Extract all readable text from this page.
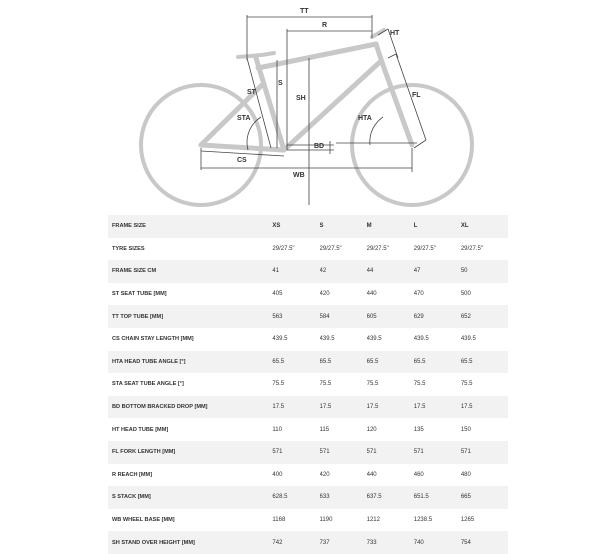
TT
R
HT
ST
S
SH	FL
STA	HTA
BD
CS
WB
FRAME SIZE	XS	S	M	L	XL
TYRE SIZES	29/27.5"	29/27.5"	29/27.5"	29/27.5"	29/27.5"
FRAME SIZE CM	41	42	44	47	50
ST SEAT TUBE [MM]	405	420	440	470	500
TT TOP TUBE [MM]	563	584	605	629	652
CS CHAIN STAY LENGTH [MM]	439.5	439.5	439.5	439.5	439.5
HTA HEAD TUBE ANGLE [°]	65.5	65.5	65.5	65.5	65.5
STA SEAT TUBE ANGLE [°]	75.5	75.5	75.5	75.5	75.5
BD BOTTOM BRACKED DROP [MM]	17.5	17.5	17.5	17.5	17.5
HT HEAD TUBE [MM]	110	115	120	135	150
FL FORK LENGTH [MM]	571	571	571	571	571
R REACH [MM]	400	420	440	460	480
S STACK [MM]	628.5	633	637.5	651.5	665
WB WHEEL BASE [MM]	1168	1190	1212	1238.5	1265
SH STAND OVER HEIGHT [MM]	742	737	733	740	754
